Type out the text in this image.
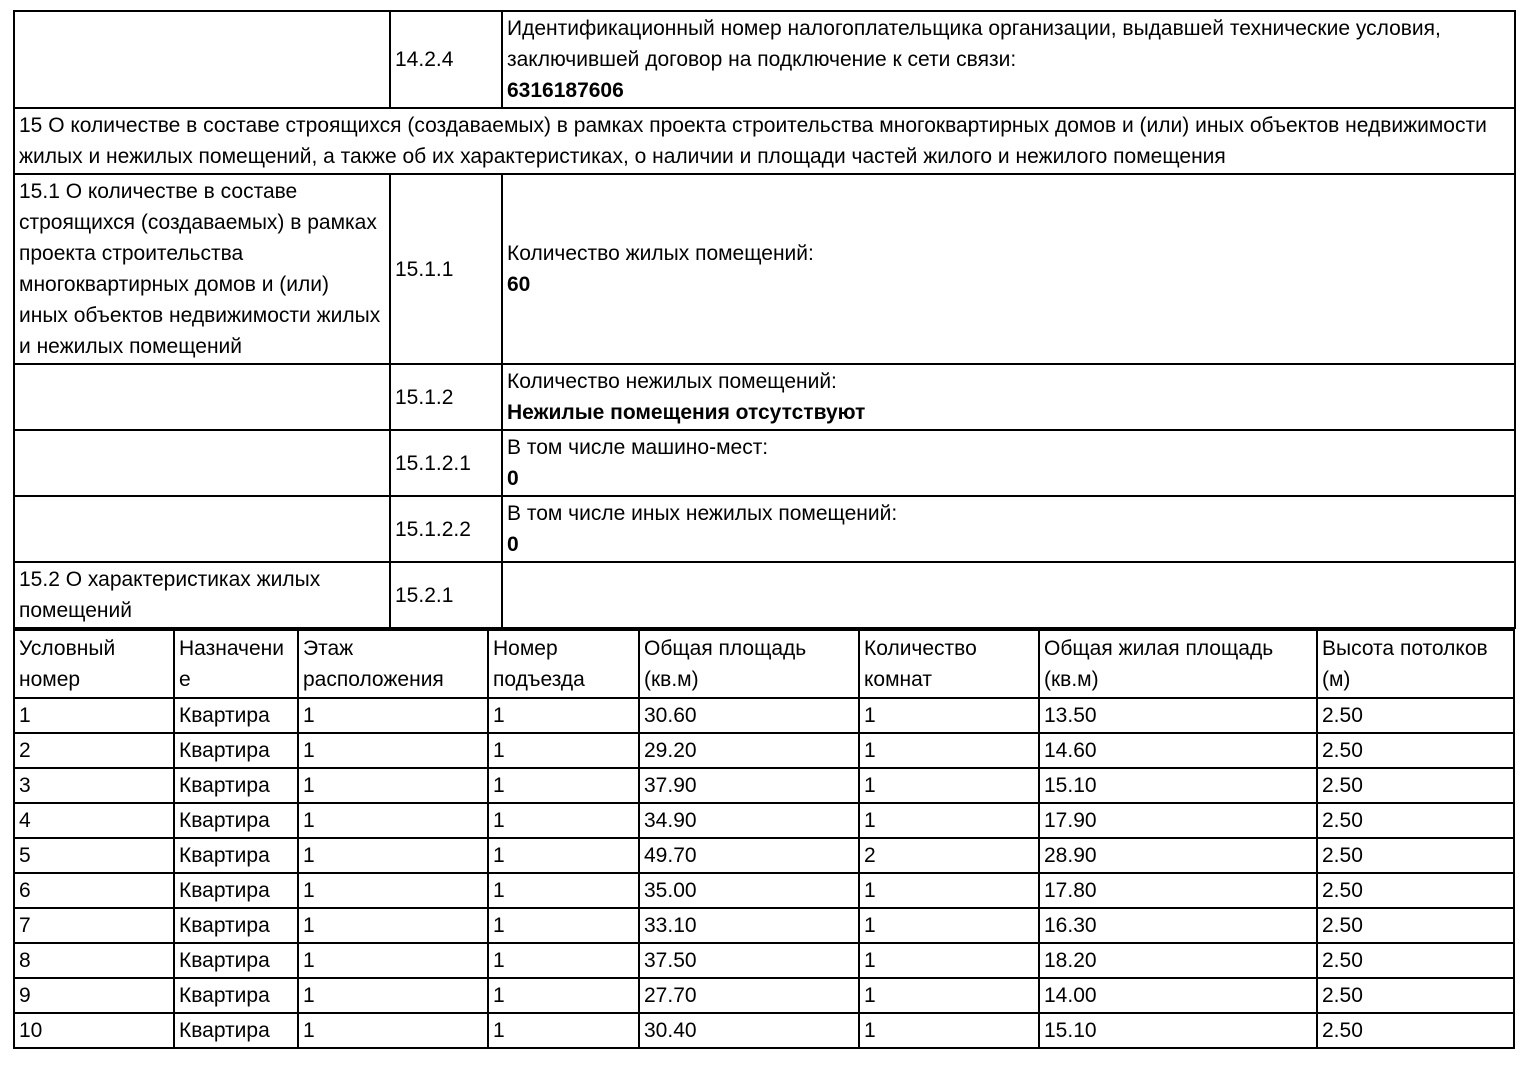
	14.2.4	Идентификационный номер налогоплательщика организации, выдавшей технические условия, заключившей договор на подключение к сети связи:
6316187606

15 О количестве в составе строящихся (создаваемых) в рамках проекта строительства многоквартирных домов и (или) иных объектов недвижимости жилых и нежилых помещений, а также об их характеристиках, о наличии и площади частей жилого и нежилого помещения		
15.1 О количестве в составе строящихся (создаваемых) в рамках проекта строительства многоквартирных домов и (или) иных объектов недвижимости жилых и нежилых помещений	15.1.1	Количество жилых помещений:
60

	15.1.2	Количество нежилых помещений:
Нежилые помещения отсутствуют

	15.1.2.1	В том числе машино-мест:
0

	15.1.2.2	В том числе иных нежилых помещений:
0

15.2 О характеристиках жилых помещений	15.2.1	
Условный номер	Назначение	Этаж расположения	Номер подъезда	Общая площадь (кв.м)	Количество комнат	Общая жилая площадь (кв.м)	Высота потолков (м)
1	Квартира	1	1	30.60	1	13.50	2.50
2	Квартира	1	1	29.20	1	14.60	2.50
3	Квартира	1	1	37.90	1	15.10	2.50
4	Квартира	1	1	34.90	1	17.90	2.50
5	Квартира	1	1	49.70	2	28.90	2.50
6	Квартира	1	1	35.00	1	17.80	2.50
7	Квартира	1	1	33.10	1	16.30	2.50
8	Квартира	1	1	37.50	1	18.20	2.50
9	Квартира	1	1	27.70	1	14.00	2.50
10	Квартира	1	1	30.40	1	15.10	2.50
